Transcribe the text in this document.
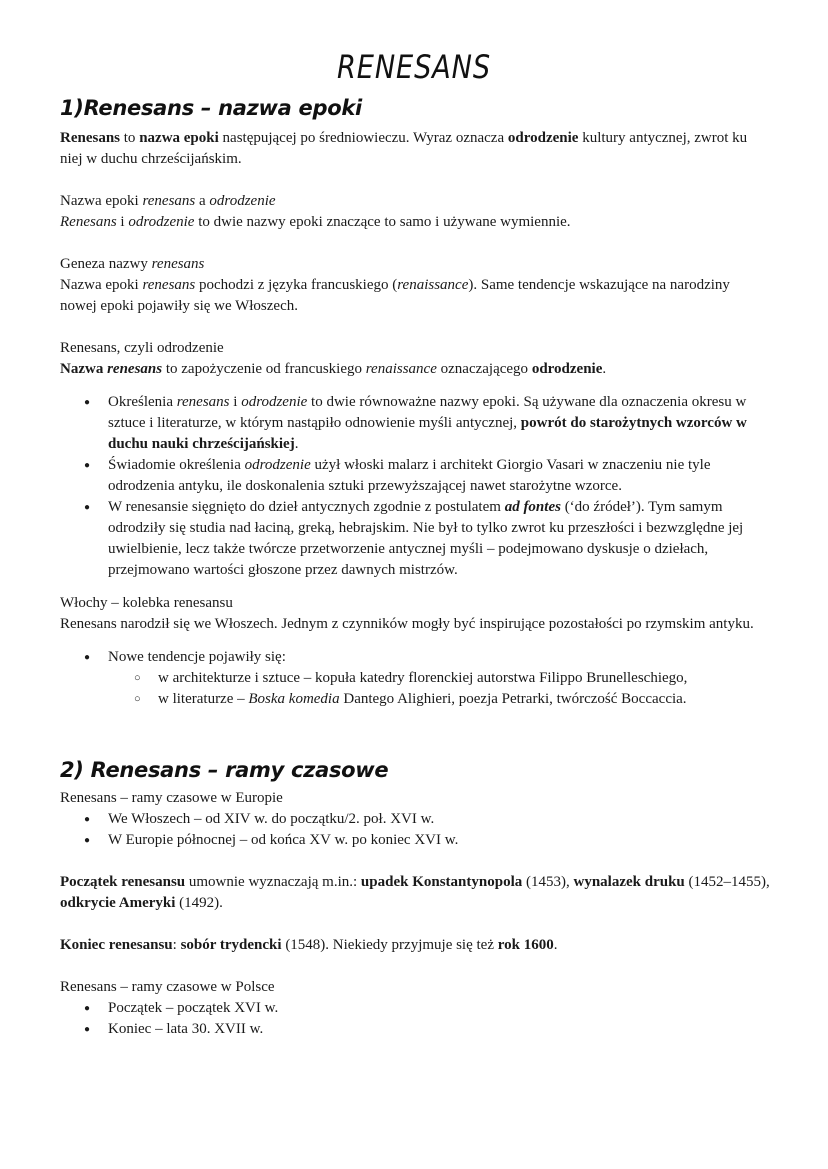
RENESANS
1)Renesans – nazwa epoki

Renesans to nazwa epoki następującej po średniowieczu. Wyraz oznacza odrodzenie kultury antycznej, zwrot ku niej w duchu chrześcijańskim.

Nazwa epoki renesans a odrodzenie

Renesans i odrodzenie to dwie nazwy epoki znaczące to samo i używane wymiennie.

Geneza nazwy renesans

Nazwa epoki renesans pochodzi z języka francuskiego (renaissance). Same tendencje wskazujące na narodziny nowej epoki pojawiły się we Włoszech.

Renesans, czyli odrodzenie

Nazwa renesans to zapożyczenie od francuskiego renaissance oznaczającego odrodzenie.

● Określenia renesans i odrodzenie to dwie równoważne nazwy epoki. Są używane dla oznaczenia okresu w sztuce i literaturze, w którym nastąpiło odnowienie myśli antycznej, powrót do starożytnych wzorców w duchu nauki chrześcijańskiej.
● Świadomie określenia odrodzenie użył włoski malarz i architekt Giorgio Vasari w znaczeniu nie tyle odrodzenia antyku, ile doskonalenia sztuki przewyższającej nawet starożytne wzorce.
● W renesansie sięgnięto do dzieł antycznych zgodnie z postulatem ad fontes (‘do źródeł’). Tym samym odrodziły się studia nad łaciną, greką, hebrajskim. Nie był to tylko zwrot ku przeszłości i bezwzględne jej uwielbienie, lecz także twórcze przetworzenie antycznej myśli – podejmowano dyskusje o dziełach, przejmowano wartości głoszone przez dawnych mistrzów.

Włochy – kolebka renesansu

Renesans narodził się we Włoszech. Jednym z czynników mogły być inspirujące pozostałości po rzymskim antyku.

● Nowe tendencje pojawiły się:
○ w architekturze i sztuce – kopuła katedry florenckiej autorstwa Filippo Brunelleschiego,
○ w literaturze – Boska komedia Dantego Alighieri, poezja Petrarki, twórczość Boccaccia.
2) Renesans – ramy czasowe

Renesans – ramy czasowe w Europie

● We Włoszech – od XIV w. do początku/2. poł. XVI w.
● W Europie północnej – od końca XV w. po koniec XVI w.

Początek renesansu umownie wyznaczają m.in.: upadek Konstantynopola (1453), wynalazek druku (1452–1455), odkrycie Ameryki (1492).

Koniec renesansu: sobór trydencki (1548). Niekiedy przyjmuje się też rok 1600.

Renesans – ramy czasowe w Polsce

● Początek – początek XVI w.
● Koniec – lata 30. XVII w.
